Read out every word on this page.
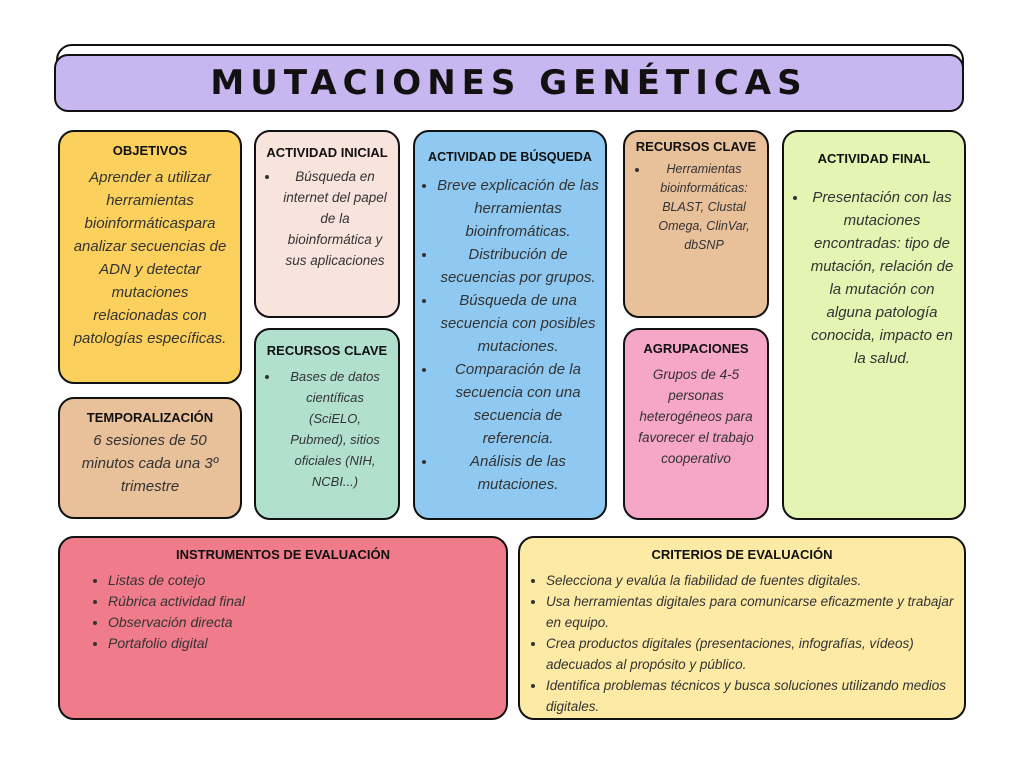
MUTACIONES GENÉTICAS
OBJETIVOS

Aprender a utilizar herramientas bioinformáticaspara analizar secuencias de ADN y detectar mutaciones relacionadas con patologías específicas.

TEMPORALIZACIÓN

6 sesiones de 50 minutos cada una 3º trimestre

ACTIVIDAD INICIAL
• Búsqueda en internet del papel de la bioinformática y sus aplicaciones
RECURSOS CLAVE
• Bases de datos científicas (SciELO, Pubmed), sitios oficiales (NIH, NCBI...)
ACTIVIDAD DE BÚSQUEDA
• Breve explicación de las herramientas bioinfromáticas.
• Distribución de secuencias por grupos.
• Búsqueda de una secuencia con posibles mutaciones.
• Comparación de la secuencia con una secuencia de referencia.
• Análisis de las mutaciones.
RECURSOS CLAVE
• Herramientas bioinformáticas: BLAST, Clustal Omega, ClinVar, dbSNP
AGRUPACIONES

Grupos de 4-5 personas heterogéneos para favorecer el trabajo cooperativo

ACTIVIDAD FINAL
• Presentación con las mutaciones encontradas: tipo de mutación, relación de la mutación con alguna patología conocida, impacto en la salud.
INSTRUMENTOS DE EVALUACIÓN
• Listas de cotejo
• Rúbrica actividad final
• Observación directa
• Portafolio digital
CRITERIOS DE EVALUACIÓN
• Selecciona y evalúa la fiabilidad de fuentes digitales.
• Usa herramientas digitales para comunicarse eficazmente y trabajar en equipo.
• Crea productos digitales (presentaciones, infografías, vídeos) adecuados al propósito y público.
• Identifica problemas técnicos y busca soluciones utilizando medios digitales.
